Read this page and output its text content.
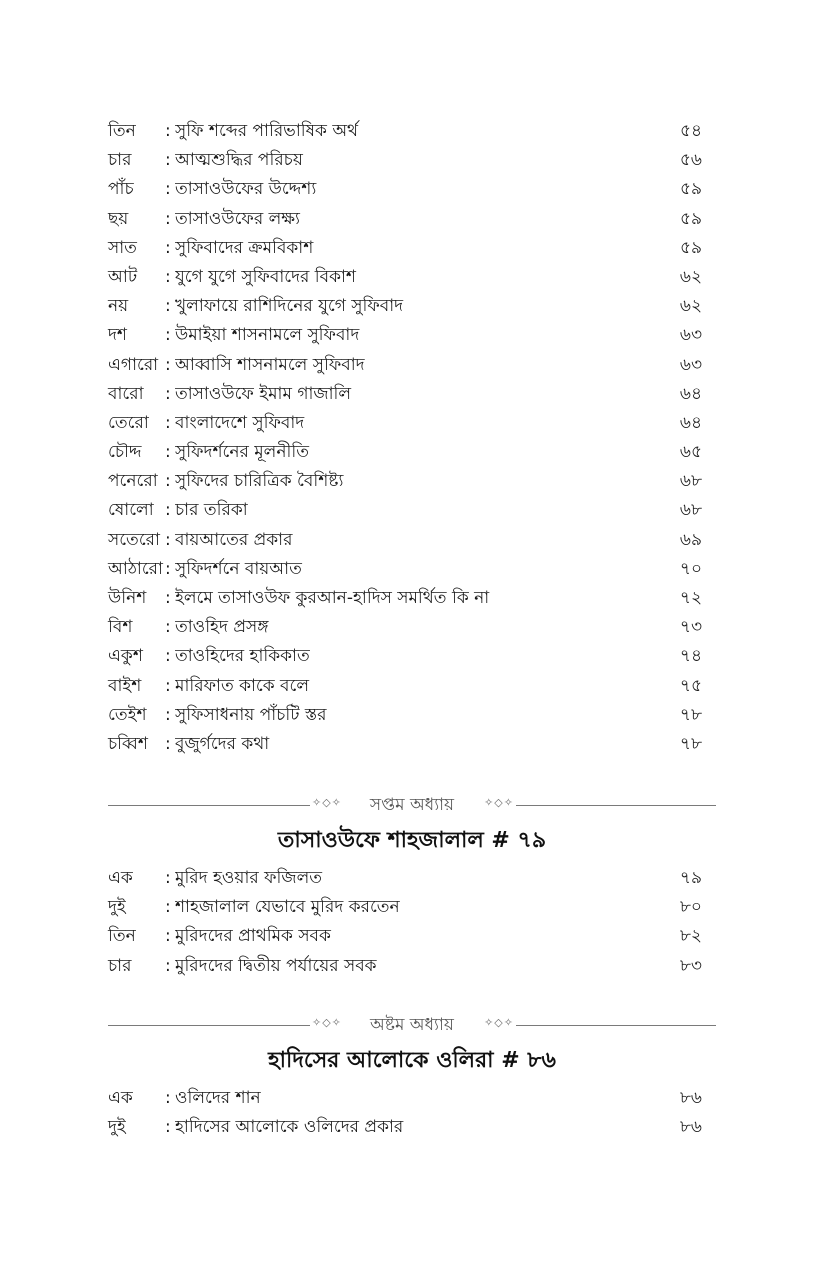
তিন	: সুফি শব্দের পারিভাষিক অর্থ	৫৪
চার	: আত্মশুদ্ধির পরিচয়	৫৬
পাঁচ	: তাসাওউফের উদ্দেশ্য	৫৯
ছয়	: তাসাওউফের লক্ষ্য	৫৯
সাত	: সুফিবাদের ক্রমবিকাশ	৫৯
আট	: যুগে যুগে সুফিবাদের বিকাশ	৬২
নয়	: খুলাফায়ে রাশিদিনের যুগে সুফিবাদ	৬২
দশ	: উমাইয়া শাসনামলে সুফিবাদ	৬৩
এগারো : আব্বাসি শাসনামলে সুফিবাদ	৬৩
বারো	: তাসাওউফে ইমাম গাজালি	৬৪
তেরো : বাংলাদেশে সুফিবাদ	৬৪
চৌদ্দ	: সুফিদর্শনের মূলনীতি	৬৫
পনেরো : সুফিদের চারিত্রিক বৈশিষ্ট্য	৬৮
ষোলো : চার তরিকা	৬৮
সতেরো : বায়আতের প্রকার	৬৯
আঠারো : সুফিদর্শনে বায়আত	৭০
উনিশ	: ইলমে তাসাওউফ কুরআন-হাদিস সমর্থিত কি না	৭২
বিশ	: তাওহিদ প্রসঙ্গ	৭৩
একুশ	: তাওহিদের হাকিকাত	৭৪
বাইশ	: মারিফাত কাকে বলে	৭৫
তেইশ	: সুফিসাধনায় পাঁচটি স্তর	৭৮
চব্বিশ	: বুজুর্গদের কথা	৭৮
✧◇✧	সপ্তম অধ্যায়	✧◇✧
তাসাওউফে শাহজালাল # ৭৯
এক	: মুরিদ হওয়ার ফজিলত	৭৯
দুই	: শাহজালাল যেভাবে মুরিদ করতেন	৮০
তিন	: মুরিদদের প্রাথমিক সবক	৮২
চার	: মুরিদদের দ্বিতীয় পর্যায়ের সবক	৮৩
✧◇✧	অষ্টম অধ্যায়	✧◇✧
হাদিসের আলোকে ওলিরা # ৮৬
এক	: ওলিদের শান	৮৬
দুই	: হাদিসের আলোকে ওলিদের প্রকার	৮৬
